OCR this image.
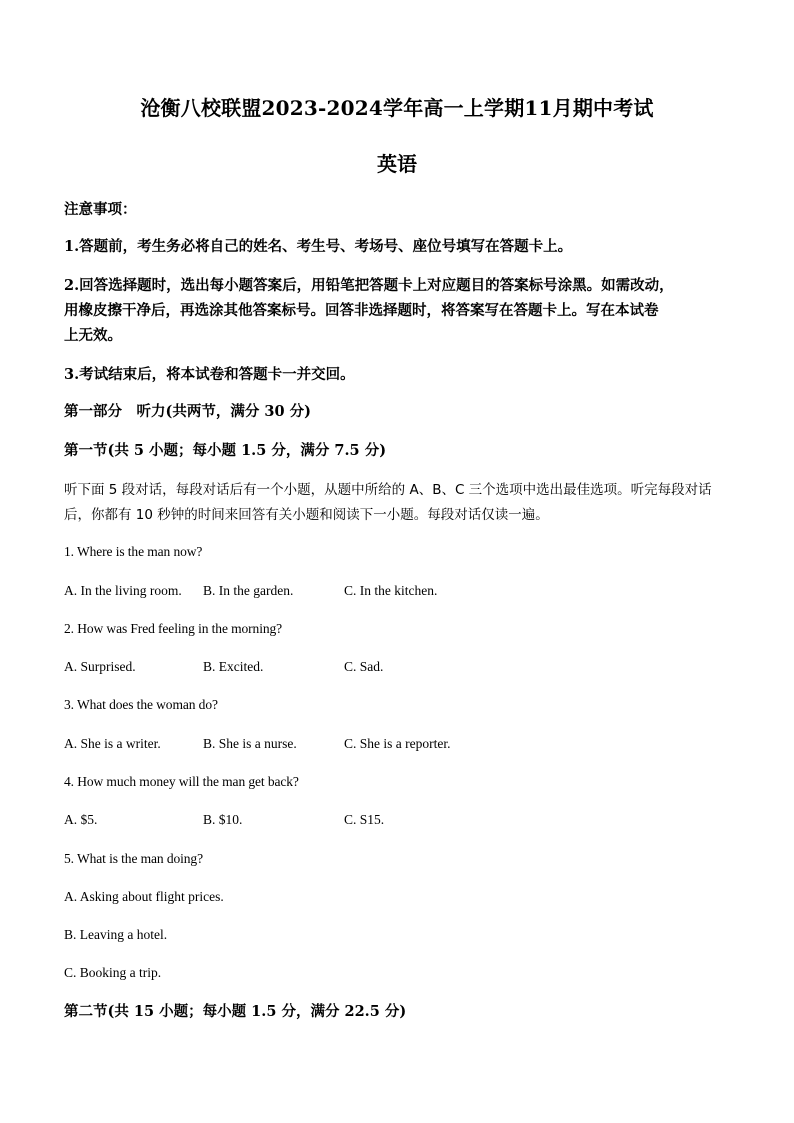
沧衡八校联盟2023-2024学年高一上学期11月期中考试
英语
注意事项：
1.答题前，考生务必将自己的姓名、考生号、考场号、座位号填写在答题卡上。
2.回答选择题时，选出每小题答案后，用铅笔把答题卡上对应题目的答案标号涂黑。如需改动，
用橡皮擦干净后，再选涂其他答案标号。回答非选择题时，将答案写在答题卡上。写在本试卷
上无效。
3.考试结束后，将本试卷和答题卡一并交回。
第一部分　听力(共两节，满分 30 分)
第一节(共 5 小题；每小题 1.5 分，满分 7.5 分)
听下面 5 段对话，每段对话后有一个小题，从题中所给的 A、B、C 三个选项中选出最佳选项。听完每段对话
后，你都有 10 秒钟的时间来回答有关小题和阅读下一小题。每段对话仅读一遍。
1. Where is the man now?
A. In the living room. B. In the garden.	C. In the kitchen.
2. How was Fred feeling in the morning?
A. Surprised.	B. Excited.	C. Sad.
3. What does the woman do?
A. She is a writer.	B. She is a nurse.	C. She is a reporter.
4. How much money will the man get back?
A. $5.	B. $10.	C. S15.
5. What is the man doing?
A. Asking about flight prices.
B. Leaving a hotel.
C. Booking a trip.
第二节(共 15 小题；每小题 1.5 分，满分 22.5 分)
